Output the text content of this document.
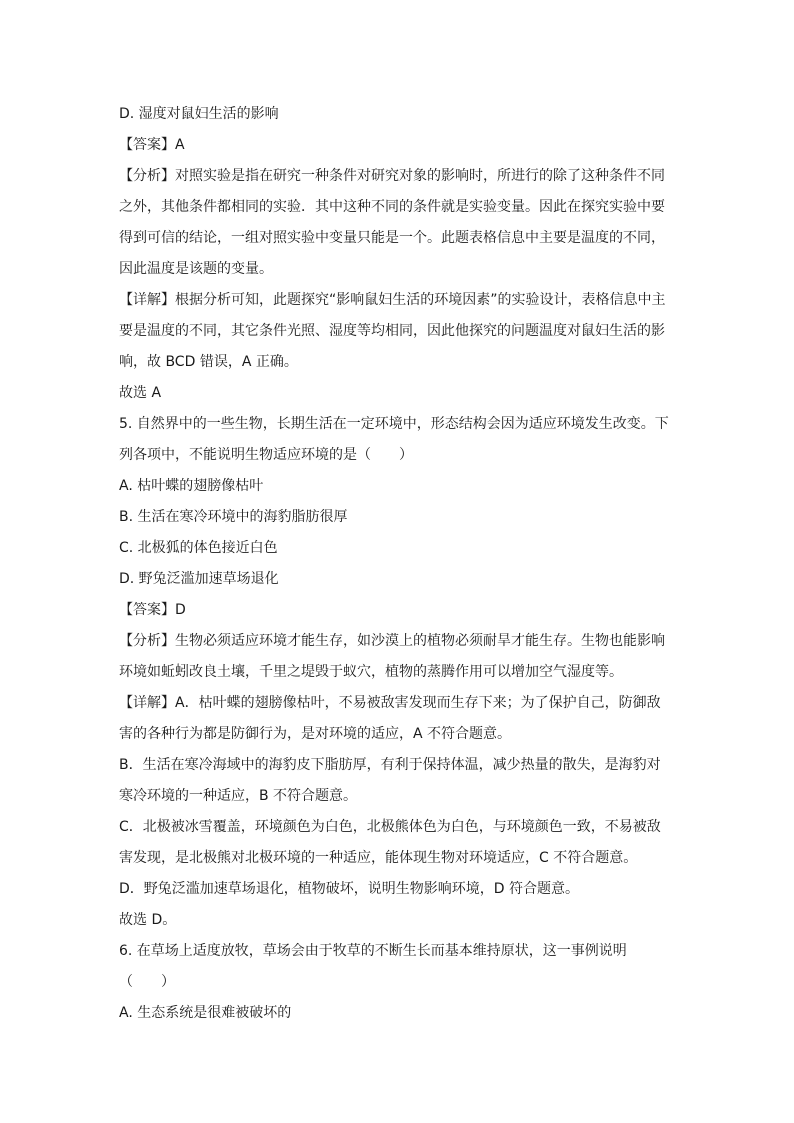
D. 湿度对鼠妇生活的影响
【答案】A
【分析】对照实验是指在研究一种条件对研究对象的影响时，所进行的除了这种条件不同
之外，其他条件都相同的实验．其中这种不同的条件就是实验变量。因此在探究实验中要
得到可信的结论，一组对照实验中变量只能是一个。此题表格信息中主要是温度的不同，
因此温度是该题的变量。
【详解】根据分析可知，此题探究“影响鼠妇生活的环境因素”的实验设计，表格信息中主
要是温度的不同，其它条件光照、湿度等均相同，因此他探究的问题温度对鼠妇生活的影
响，故 BCD 错误，A 正确。
故选 A
5. 自然界中的一些生物，长期生活在一定环境中，形态结构会因为适应环境发生改变。下
列各项中，不能说明生物适应环境的是（　　）
A. 枯叶蝶的翅膀像枯叶
B. 生活在寒冷环境中的海豹脂肪很厚
C. 北极狐的体色接近白色
D. 野兔泛滥加速草场退化
【答案】D
【分析】生物必须适应环境才能生存，如沙漠上的植物必须耐旱才能生存。生物也能影响
环境如蚯蚓改良土壤，千里之堤毁于蚁穴，植物的蒸腾作用可以增加空气湿度等。
【详解】A．枯叶蝶的翅膀像枯叶，不易被敌害发现而生存下来；为了保护自己，防御敌
害的各种行为都是防御行为，是对环境的适应，A 不符合题意。
B．生活在寒冷海域中的海豹皮下脂肪厚，有利于保持体温，减少热量的散失，是海豹对
寒冷环境的一种适应，B 不符合题意。
C．北极被冰雪覆盖，环境颜色为白色，北极熊体色为白色，与环境颜色一致，不易被敌
害发现，是北极熊对北极环境的一种适应，能体现生物对环境适应，C 不符合题意。
D．野兔泛滥加速草场退化，植物破坏，说明生物影响环境，D 符合题意。
故选 D。
6. 在草场上适度放牧，草场会由于牧草的不断生长而基本维持原状，这一事例说明
（　　）
A. 生态系统是很难被破坏的
